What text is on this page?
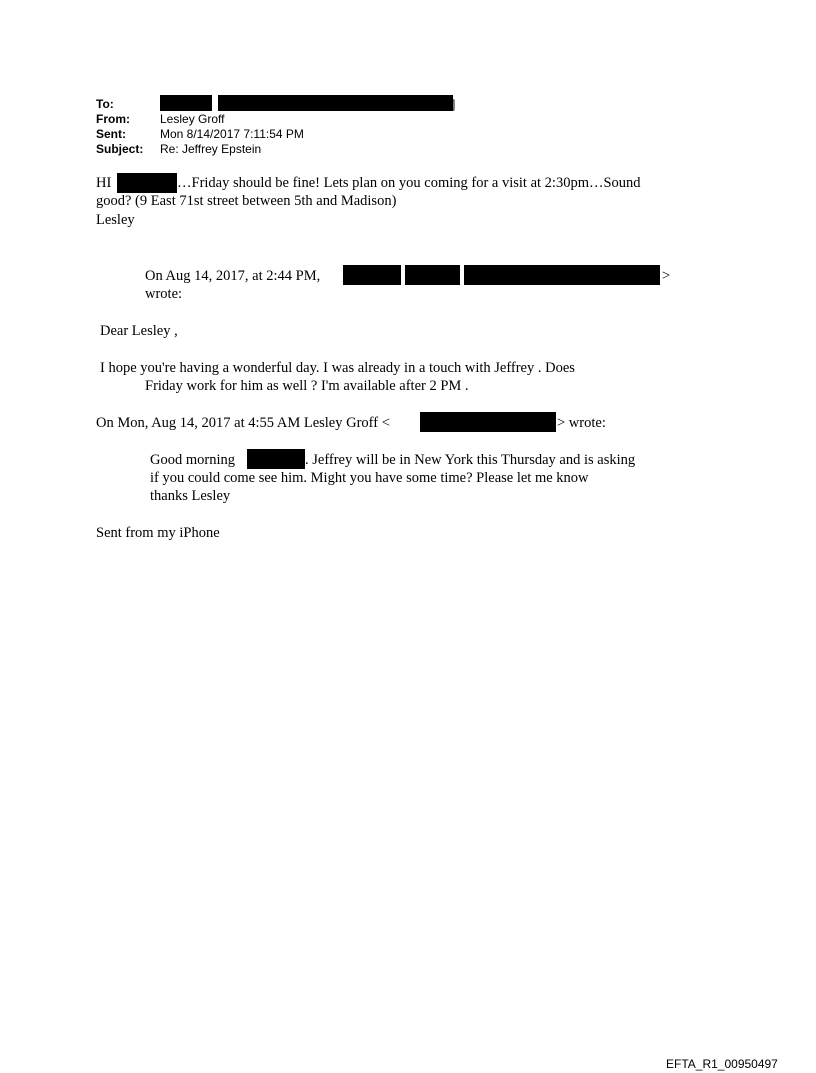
To:	]
From:	Lesley Groff
Sent:	Mon 8/14/2017 7:11:54 PM
Subject: Re: Jeffrey Epstein
HI	…Friday should be fine! Lets plan on you coming for a visit at 2:30pm…Sound
good? (9 East 71st street between 5th and Madison)
Lesley
On Aug 14, 2017, at 2:44 PM,	>
wrote:
Dear Lesley ,
I hope you're having a wonderful day. I was already in a touch with Jeffrey . Does
Friday work for him as well ? I'm available after 2 PM .
On Mon, Aug 14, 2017 at 4:55 AM Lesley Groff <	> wrote:
Good morning	. Jeffrey will be in New York this Thursday and is asking
if you could come see him. Might you have some time? Please let me know
thanks Lesley
Sent from my iPhone
EFTA_R1_00950497
